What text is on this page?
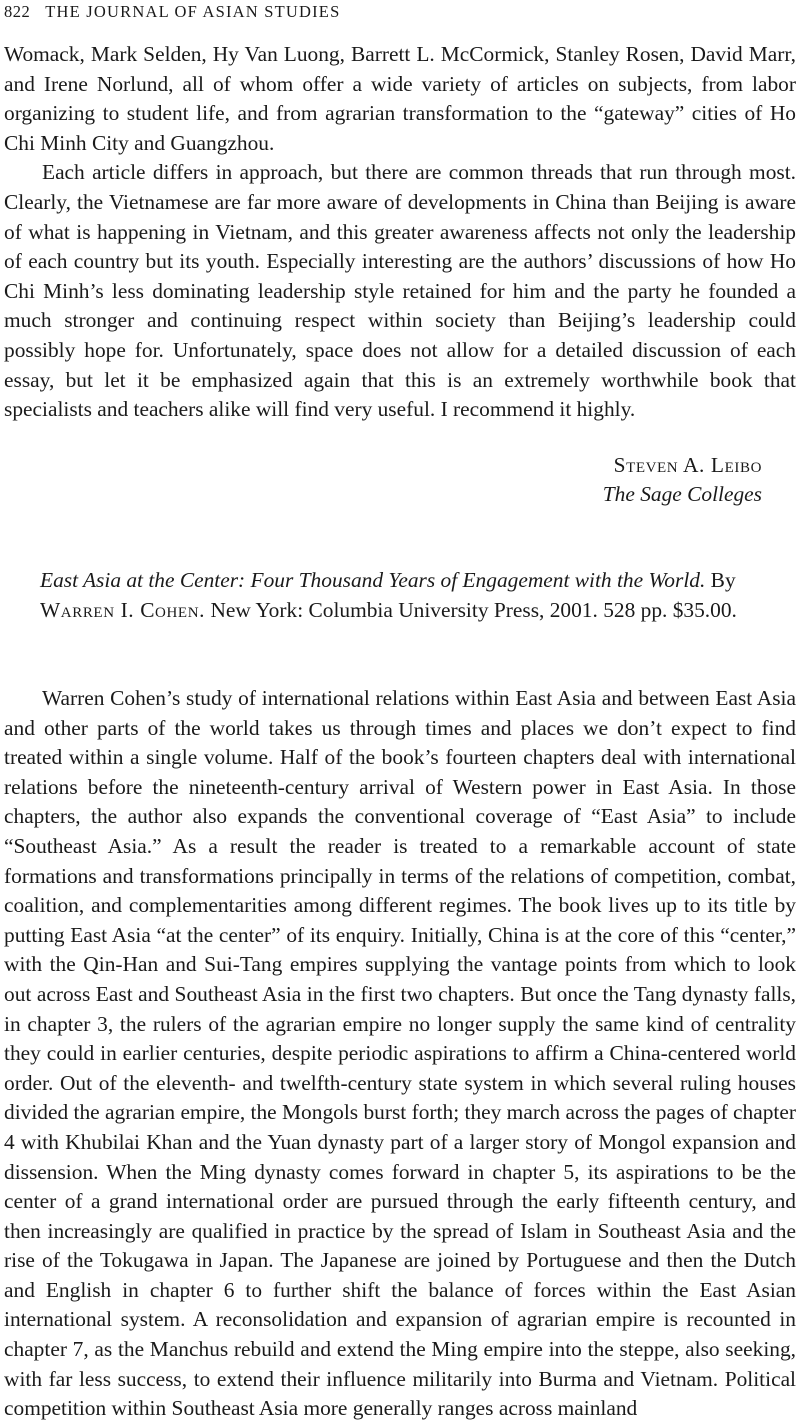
822 THE JOURNAL OF ASIAN STUDIES

Womack, Mark Selden, Hy Van Luong, Barrett L. McCormick, Stanley Rosen, David Marr, and Irene Norlund, all of whom offer a wide variety of articles on subjects, from labor organizing to student life, and from agrarian transformation to the “gateway” cities of Ho Chi Minh City and Guangzhou.

Each article differs in approach, but there are common threads that run through most. Clearly, the Vietnamese are far more aware of developments in China than Beijing is aware of what is happening in Vietnam, and this greater awareness affects not only the leadership of each country but its youth. Especially interesting are the authors’ discussions of how Ho Chi Minh’s less dominating leadership style retained for him and the party he founded a much stronger and continuing respect within society than Beijing’s leadership could possibly hope for. Unfortunately, space does not allow for a detailed discussion of each essay, but let it be emphasized again that this is an extremely worthwhile book that specialists and teachers alike will find very useful. I recommend it highly.

Steven A. Leibo
The Sage Colleges
East Asia at the Center: Four Thousand Years of Engagement with the World. By Warren I. Cohen. New York: Columbia University Press, 2001. 528 pp. $35.00.

Warren Cohen’s study of international relations within East Asia and between East Asia and other parts of the world takes us through times and places we don’t expect to find treated within a single volume. Half of the book’s fourteen chapters deal with international relations before the nineteenth-century arrival of Western power in East Asia. In those chapters, the author also expands the conventional coverage of “East Asia” to include “Southeast Asia.” As a result the reader is treated to a remarkable account of state formations and transformations principally in terms of the relations of competition, combat, coalition, and complementarities among different regimes. The book lives up to its title by putting East Asia “at the center” of its enquiry. Initially, China is at the core of this “center,” with the Qin-Han and Sui-Tang empires supplying the vantage points from which to look out across East and Southeast Asia in the first two chapters. But once the Tang dynasty falls, in chapter 3, the rulers of the agrarian empire no longer supply the same kind of centrality they could in earlier centuries, despite periodic aspirations to affirm a China-centered world order. Out of the eleventh- and twelfth-century state system in which several ruling houses divided the agrarian empire, the Mongols burst forth; they march across the pages of chapter 4 with Khubilai Khan and the Yuan dynasty part of a larger story of Mongol expansion and dissension. When the Ming dynasty comes forward in chapter 5, its aspirations to be the center of a grand international order are pursued through the early fifteenth century, and then increasingly are qualified in practice by the spread of Islam in Southeast Asia and the rise of the Tokugawa in Japan. The Japanese are joined by Portuguese and then the Dutch and English in chapter 6 to further shift the balance of forces within the East Asian international system. A reconsolidation and expansion of agrarian empire is recounted in chapter 7, as the Manchus rebuild and extend the Ming empire into the steppe, also seeking, with far less success, to extend their influence militarily into Burma and Vietnam. Political competition within Southeast Asia more generally ranges across mainland
